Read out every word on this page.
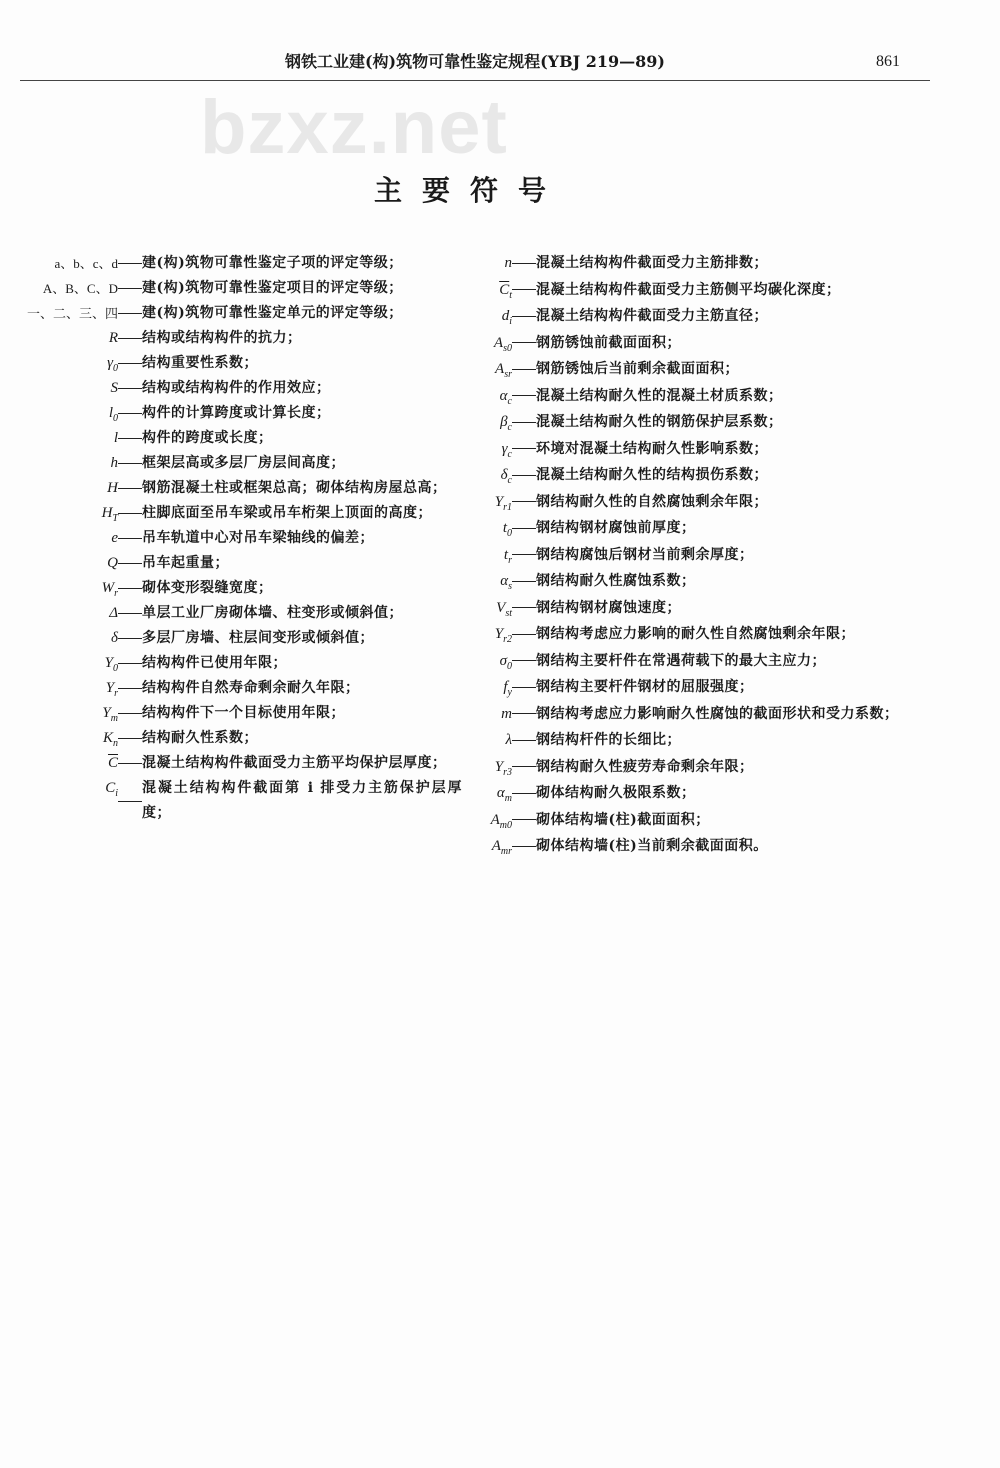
钢铁工业建(构)筑物可靠性鉴定规程(YBJ 219—89)	861
bzxz.net
主要符号
a、b、c、d 建(构)筑物可靠性鉴定子项的评定等级；
A、B、C、D 建(构)筑物可靠性鉴定项目的评定等级；
一、二、三、四 建(构)筑物可靠性鉴定单元的评定等级；
R 结构或结构构件的抗力；
$\gamma_0$ 结构重要性系数；
S 结构或结构构件的作用效应；
$l_0$ 构件的计算跨度或计算长度；
l 构件的跨度或长度；
h 框架层高或多层厂房层间高度；
H 钢筋混凝土柱或框架总高；砌体结构房屋总高；
$H_T$ 柱脚底面至吊车梁或吊车桁架上顶面的高度；
e 吊车轨道中心对吊车梁轴线的偏差；
Q 吊车起重量；
$W_r$ 砌体变形裂缝宽度；
Δ 单层工业厂房砌体墙、柱变形或倾斜值；
δ 多层厂房墙、柱层间变形或倾斜值；
$Y_0$ 结构构件已使用年限；
$Y_r$ 结构构件自然寿命剩余耐久年限；
$Y_m$ 结构构件下一个目标使用年限；
$K_n$ 结构耐久性系数；
$\overline{C}$ 混凝土结构构件截面受力主筋平均保护层厚度；
$C_i$ 混凝土结构构件截面第 i 排受力主筋保护层厚度；
n 混凝土结构构件截面受力主筋排数；
$\overline{C}_t$ 混凝土结构构件截面受力主筋侧平均碳化深度；
$d_i$ 混凝土结构构件截面受力主筋直径；
$A_{s0}$ 钢筋锈蚀前截面面积；
$A_{sr}$ 钢筋锈蚀后当前剩余截面面积；
$\alpha_c$ 混凝土结构耐久性的混凝土材质系数；
$\beta_c$ 混凝土结构耐久性的钢筋保护层系数；
$\gamma_c$ 环境对混凝土结构耐久性影响系数；
$\delta_c$ 混凝土结构耐久性的结构损伤系数；
$Y_{r1}$ 钢结构耐久性的自然腐蚀剩余年限；
$t_0$ 钢结构钢材腐蚀前厚度；
$t_r$ 钢结构腐蚀后钢材当前剩余厚度；
$\alpha_s$ 钢结构耐久性腐蚀系数；
$V_{st}$ 钢结构钢材腐蚀速度；
$Y_{r2}$ 钢结构考虑应力影响的耐久性自然腐蚀剩余年限；
$\sigma_0$ 钢结构主要杆件在常遇荷载下的最大主应力；
$f_y$ 钢结构主要杆件钢材的屈服强度；
m 钢结构考虑应力影响耐久性腐蚀的截面形状和受力系数；
λ 钢结构杆件的长细比；
$Y_{r3}$ 钢结构耐久性疲劳寿命剩余年限；
$\alpha_m$ 砌体结构耐久极限系数；
$A_{m0}$ 砌体结构墙(柱)截面面积；
$A_{mr}$ 砌体结构墙(柱)当前剩余截面面积。
